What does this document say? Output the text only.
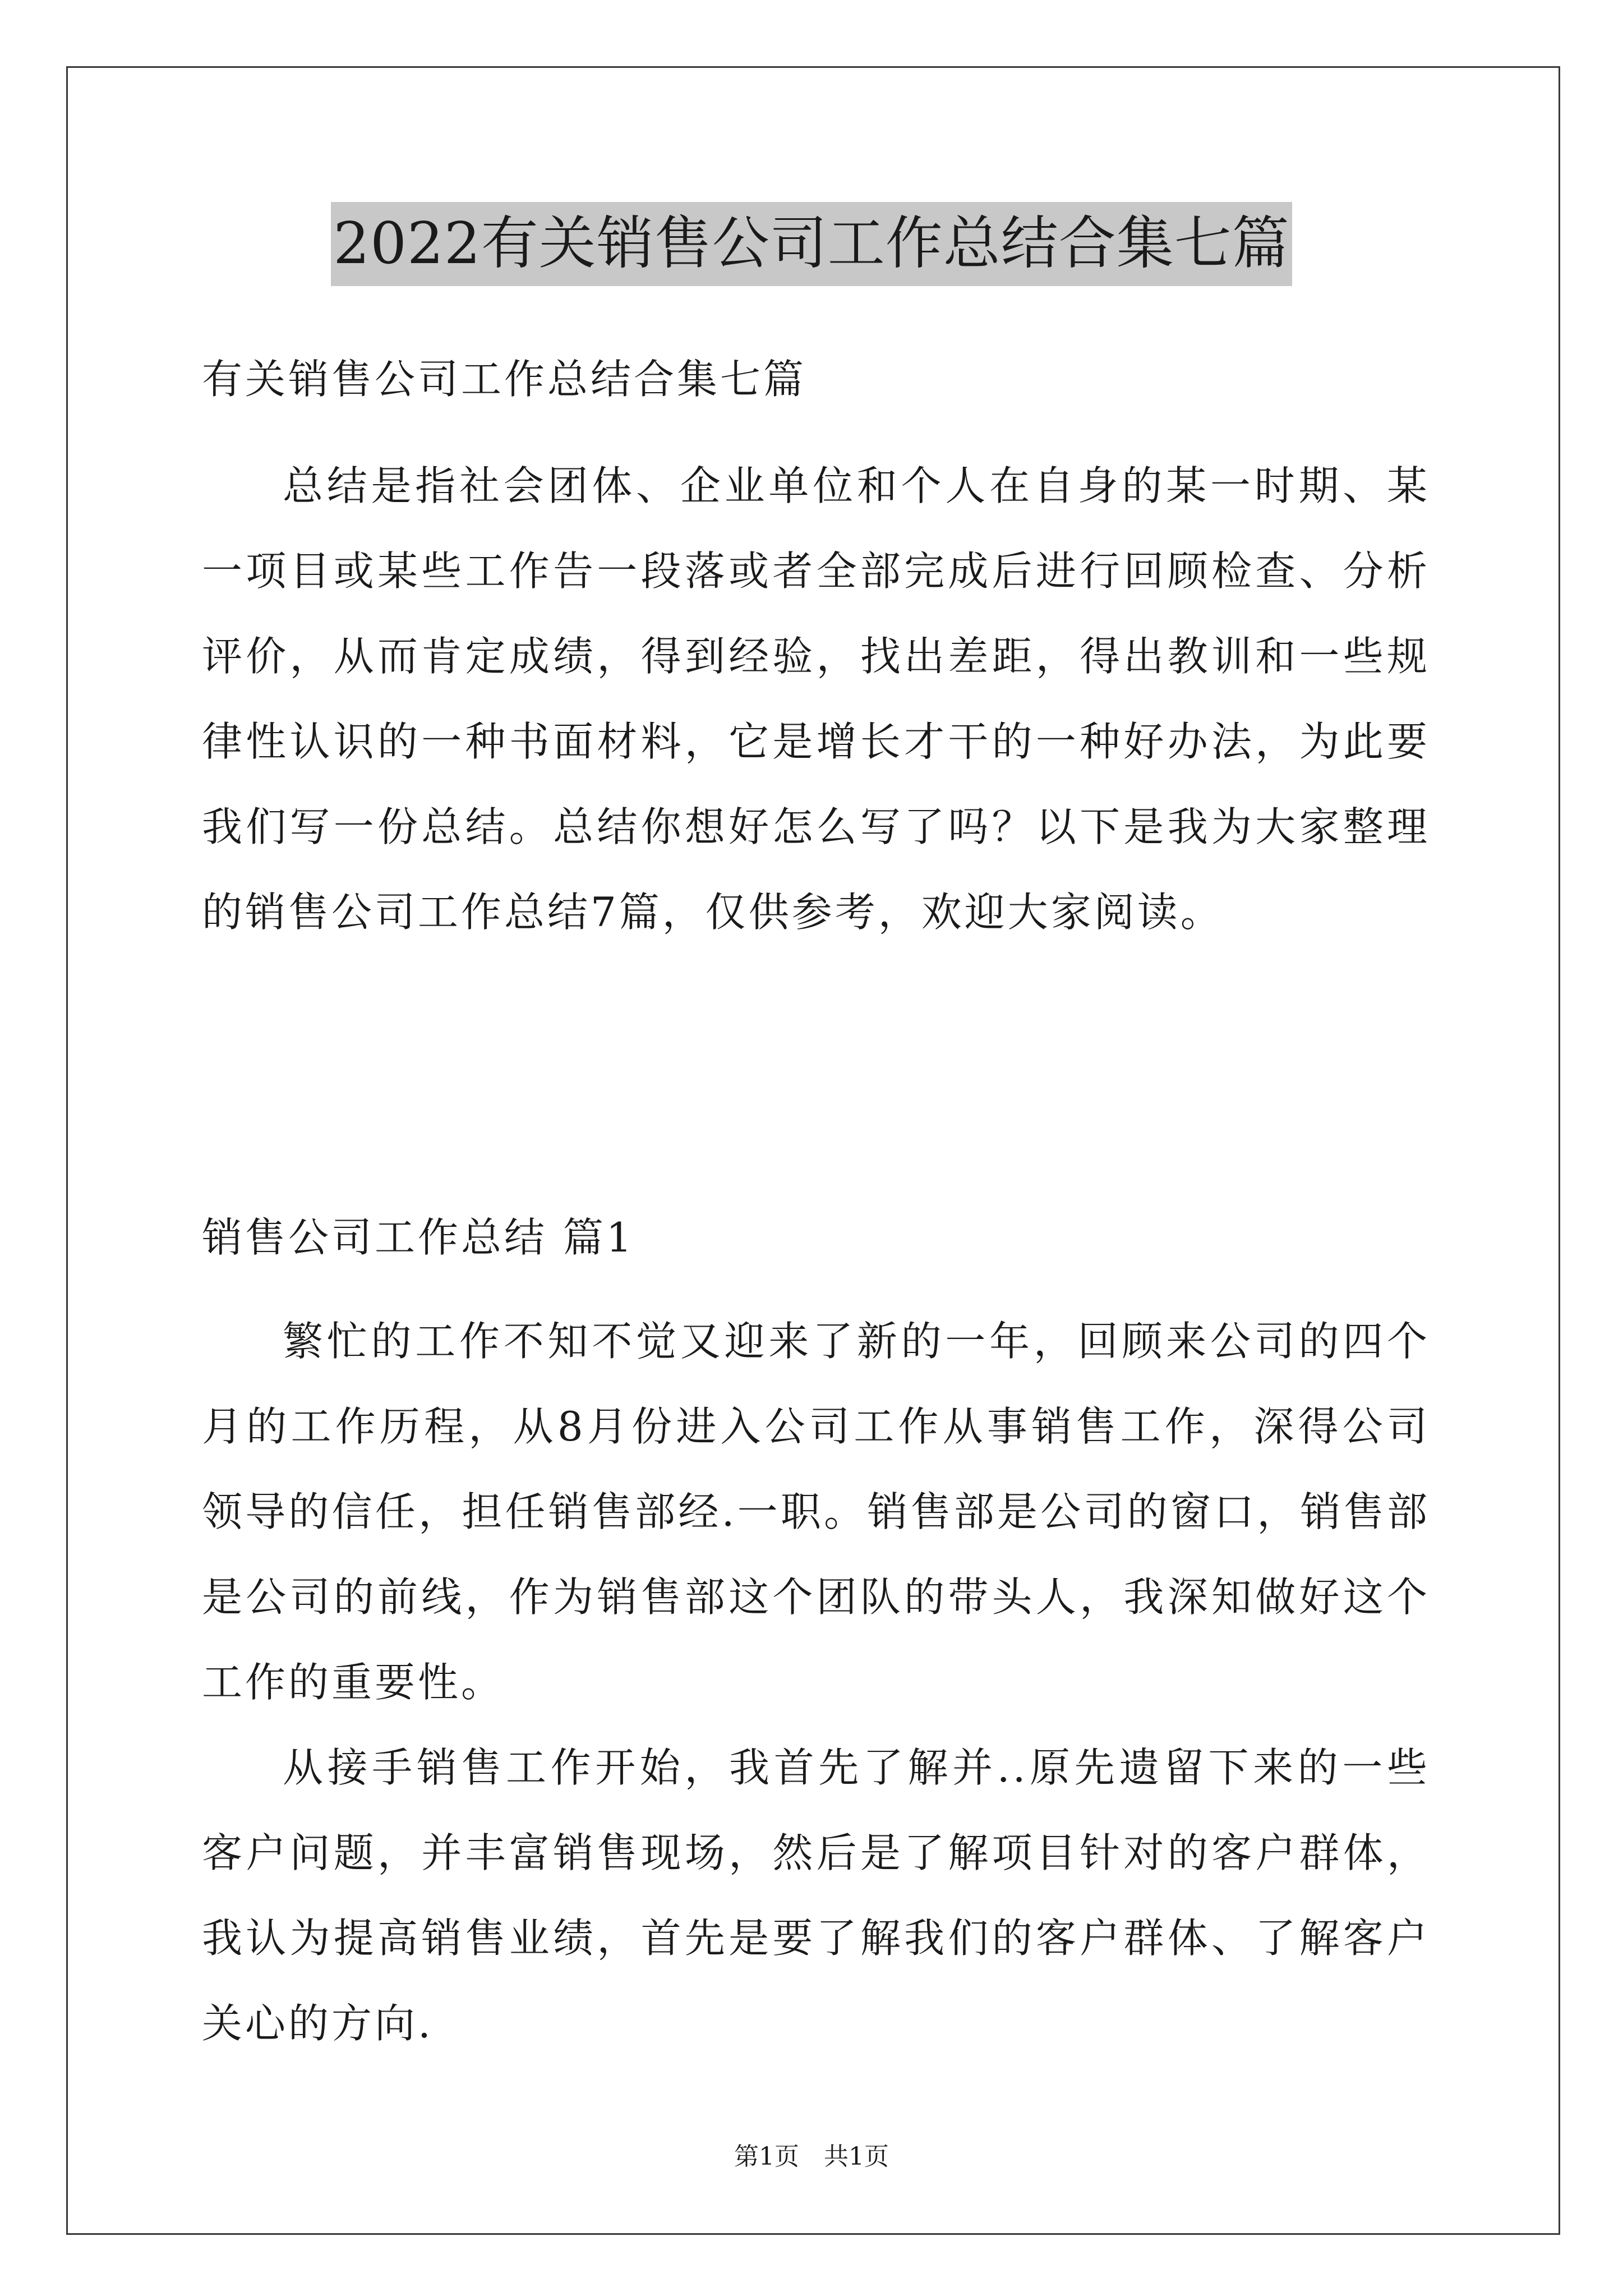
2022有关销售公司工作总结合集七篇

有关销售公司工作总结合集七篇

总结是指社会团体、企业单位和个人在自身的某一时期、某一项目或某些工作告一段落或者全部完成后进行回顾检查、分析评价，从而肯定成绩，得到经验，找出差距，得出教训和一些规律性认识的一种书面材料，它是增长才干的一种好办法，为此要我们写一份总结。总结你想好怎么写了吗？以下是我为大家整理的销售公司工作总结7篇，仅供参考，欢迎大家阅读。

销售公司工作总结 篇1

繁忙的工作不知不觉又迎来了新的一年，回顾来公司的四个月的工作历程，从8月份进入公司工作从事销售工作，深得公司领导的信任，担任销售部经.一职。销售部是公司的窗口，销售部是公司的前线，作为销售部这个团队的带头人，我深知做好这个工作的重要性。

从接手销售工作开始，我首先了解并..原先遗留下来的一些客户问题，并丰富销售现场，然后是了解项目针对的客户群体，我认为提高销售业绩，首先是要了解我们的客户群体、了解客户关心的方向.

第1页　共1页
